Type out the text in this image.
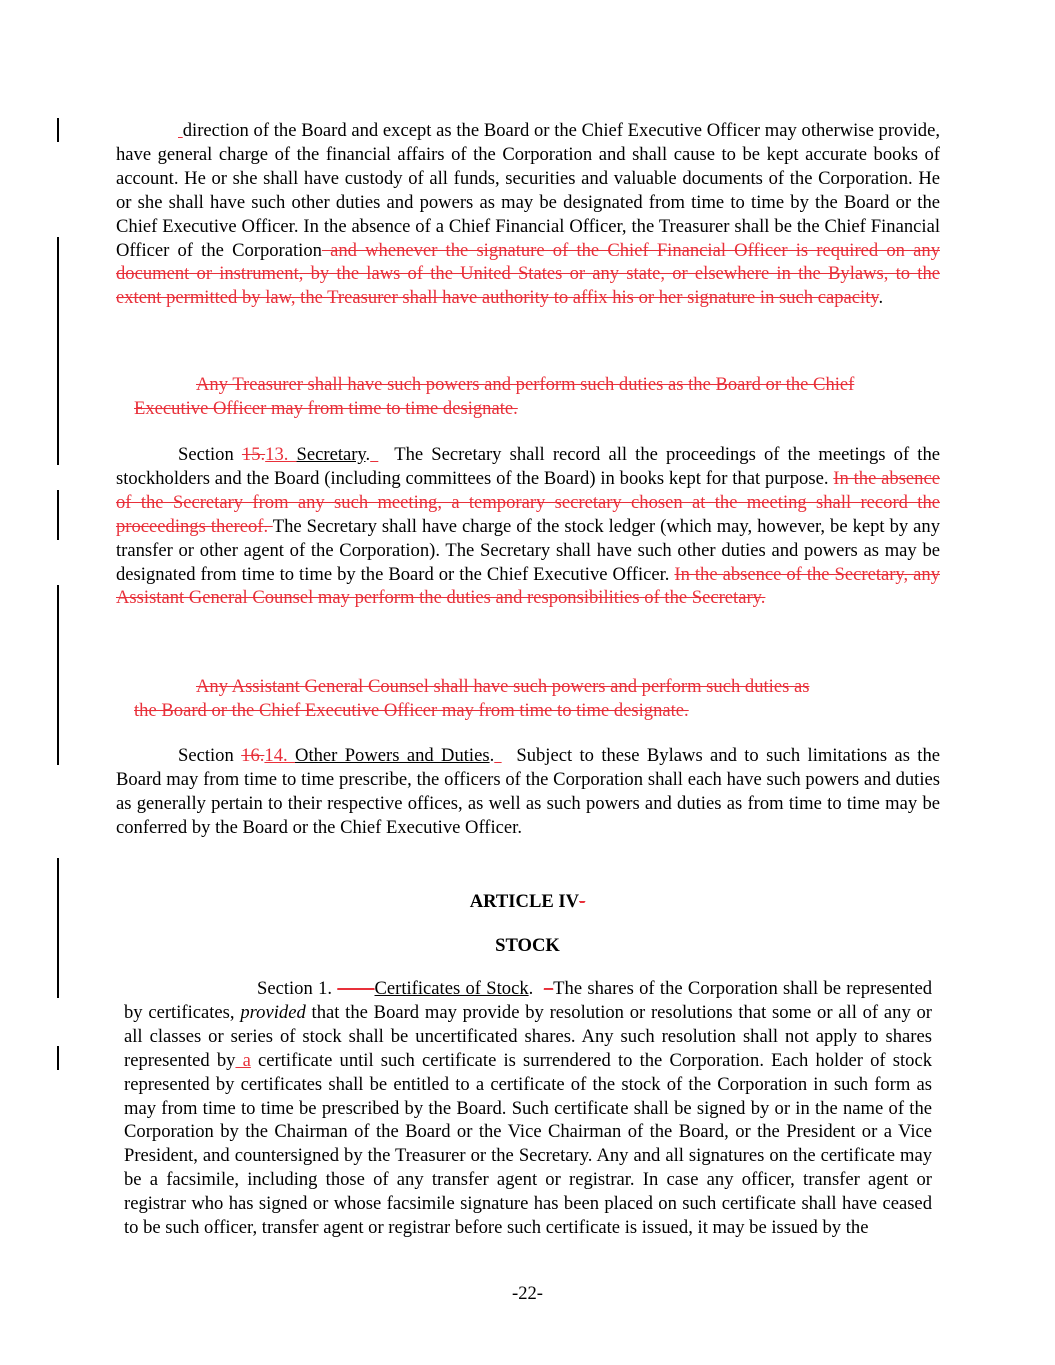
direction of the Board and except as the Board or the Chief Executive Officer may otherwise provide, have general charge of the financial affairs of the Corporation and shall cause to be kept accurate books of account. He or she shall have custody of all funds, securities and valuable documents of the Corporation. He or she shall have such other duties and powers as may be designated from time to time by the Board or the Chief Executive Officer. In the absence of a Chief Financial Officer, the Treasurer shall be the Chief Financial Officer of the Corporation and whenever the signature of the Chief Financial Officer is required on any document or instrument, by the laws of the United States or any state, or elsewhere in the Bylaws, to the extent permitted by law, the Treasurer shall have authority to affix his or her signature in such capacity.

Any Treasurer shall have such powers and perform such duties as the Board or the Chief
Executive Officer may from time to time designate.

Section 15.13. Secretary. The Secretary shall record all the proceedings of the meetings of the stockholders and the Board (including committees of the Board) in books kept for that purpose. In the absence of the Secretary from any such meeting, a temporary secretary chosen at the meeting shall record the proceedings thereof. The Secretary shall have charge of the stock ledger (which may, however, be kept by any transfer or other agent of the Corporation). The Secretary shall have such other duties and powers as may be designated from time to time by the Board or the Chief Executive Officer. In the absence of the Secretary, any Assistant General Counsel may perform the duties and responsibilities of the Secretary.

Any Assistant General Counsel shall have such powers and perform such duties as
the Board or the Chief Executive Officer may from time to time designate.

Section 16.14. Other Powers and Duties. Subject to these Bylaws and to such limitations as the Board may from time to time prescribe, the officers of the Corporation shall each have such powers and duties as generally pertain to their respective offices, as well as such powers and duties as from time to time may be conferred by the Board or the Chief Executive Officer.

ARTICLE IV-
STOCK

Section 1. ——Certificates of Stock. –The shares of the Corporation shall be represented by certificates, provided that the Board may provide by resolution or resolutions that some or all of any or all classes or series of stock shall be uncertificated shares. Any such resolution shall not apply to shares represented by a certificate until such certificate is surrendered to the Corporation. Each holder of stock represented by certificates shall be entitled to a certificate of the stock of the Corporation in such form as may from time to time be prescribed by the Board. Such certificate shall be signed by or in the name of the Corporation by the Chairman of the Board or the Vice Chairman of the Board, or the President or a Vice President, and countersigned by the Treasurer or the Secretary. Any and all signatures on the certificate may be a facsimile, including those of any transfer agent or registrar. In case any officer, transfer agent or registrar who has signed or whose facsimile signature has been placed on such certificate shall have ceased to be such officer, transfer agent or registrar before such certificate is issued, it may be issued by the

-22-
